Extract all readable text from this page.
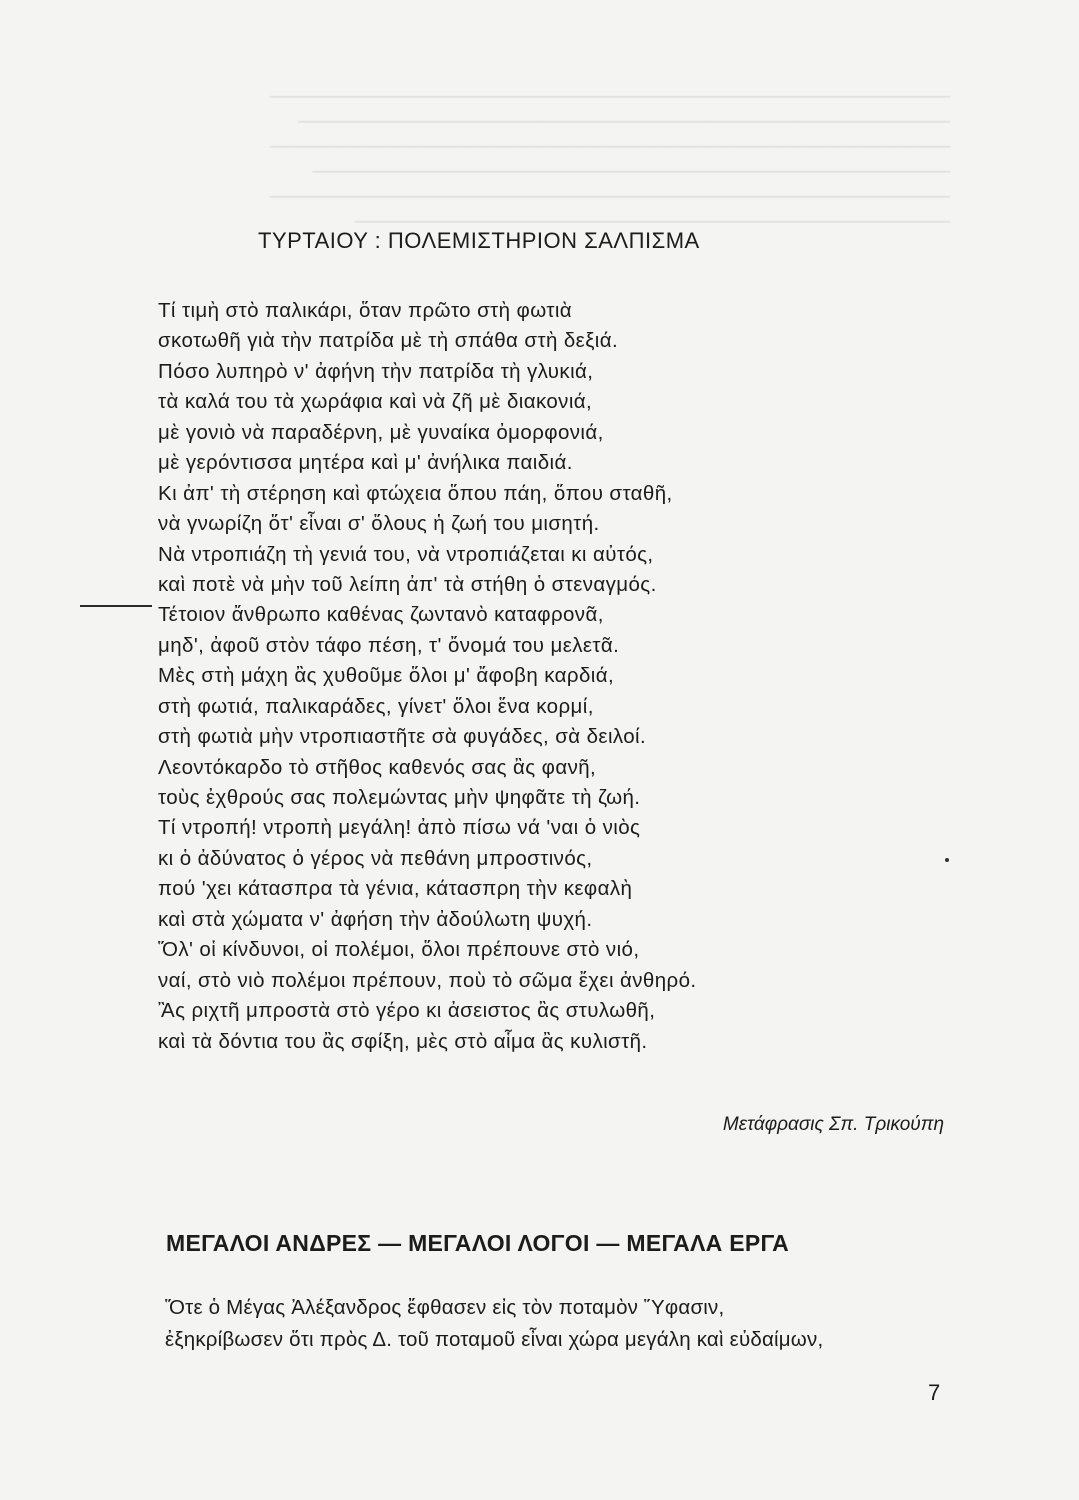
────────────────────────────────────────────────
──────────────────────────────────────────────
────────────────────────────────────────────────
─────────────────────────────────────────────
────────────────────────────────────────────────
──────────────────────────────────────────
ΤΥΡΤΑΙΟΥ : ΠΟΛΕΜΙΣΤΗΡΙΟΝ ΣΑΛΠΙΣΜΑ
Τί τιμὴ στὸ παλικάρι, ὅταν πρῶτο στὴ φωτιὰ
σκοτωθῆ γιὰ τὴν πατρίδα μὲ τὴ σπάθα στὴ δεξιά.
Πόσο λυπηρὸ ν' ἀφήνη τὴν πατρίδα τὴ γλυκιά,
τὰ καλά του τὰ χωράφια καὶ νὰ ζῆ μὲ διακονιά,
μὲ γονιὸ νὰ παραδέρνη, μὲ γυναίκα ὀμορφονιά,
μὲ γερόντισσα μητέρα καὶ μ' ἀνήλικα παιδιά.
Κι ἀπ' τὴ στέρηση καὶ φτώχεια ὅπου πάη, ὅπου σταθῆ,
νὰ γνωρίζη ὅτ' εἶναι σ' ὅλους ἡ ζωή του μισητή.
Νὰ ντροπιάζη τὴ γενιά του, νὰ ντροπιάζεται κι αὐτός,
καὶ ποτὲ νὰ μὴν τοῦ λείπη ἀπ' τὰ στήθη ὁ στεναγμός.
Τέτοιον ἄνθρωπο καθένας ζωντανὸ καταφρονᾶ,
μηδ', ἀφοῦ στὸν τάφο πέση, τ' ὄνομά του μελετᾶ.
Μὲς στὴ μάχη ἂς χυθοῦμε ὅλοι μ' ἄφοβη καρδιά,
στὴ φωτιά, παλικαράδες, γίνετ' ὅλοι ἕνα κορμί,
στὴ φωτιὰ μὴν ντροπιαστῆτε σὰ φυγάδες, σὰ δειλοί.
Λεοντόκαρδο τὸ στῆθος καθενός σας ἂς φανῆ,
τοὺς ἐχθρούς σας πολεμώντας μὴν ψηφᾶτε τὴ ζωή.
Τί ντροπή! ντροπὴ μεγάλη! ἀπὸ πίσω νά 'ναι ὁ νιὸς
κι ὁ ἀδύνατος ὁ γέρος νὰ πεθάνη μπροστινός,
πού 'χει κάτασπρα τὰ γένια, κάτασπρη τὴν κεφαλὴ
καὶ στὰ χώματα ν' ἀφήση τὴν ἀδούλωτη ψυχή.
Ὅλ' οἱ κίνδυνοι, οἱ πολέμοι, ὅλοι πρέπουνε στὸ νιό,
ναί, στὸ νιὸ πολέμοι πρέπουν, ποὺ τὸ σῶμα ἔχει ἀνθηρό.
Ἂς ριχτῆ μπροστὰ στὸ γέρο κι ἀσειστος ἂς στυλωθῆ,
καὶ τὰ δόντια του ἂς σφίξη, μὲς στὸ αἷμα ἂς κυλιστῆ.
Μετάφρασις Σπ. Τρικούπη
ΜΕΓΑΛΟΙ ΑΝΔΡΕΣ — ΜΕΓΑΛΟΙ ΛΟΓΟΙ — ΜΕΓΑΛΑ ΕΡΓΑ
Ὅτε ὁ Μέγας Ἀλέξανδρος ἔφθασεν εἰς τὸν ποταμὸν Ὕφασιν,
ἐξηκρίβωσεν ὅτι πρὸς Δ. τοῦ ποταμοῦ εἶναι χώρα μεγάλη καὶ εὐδαίμων,
7
